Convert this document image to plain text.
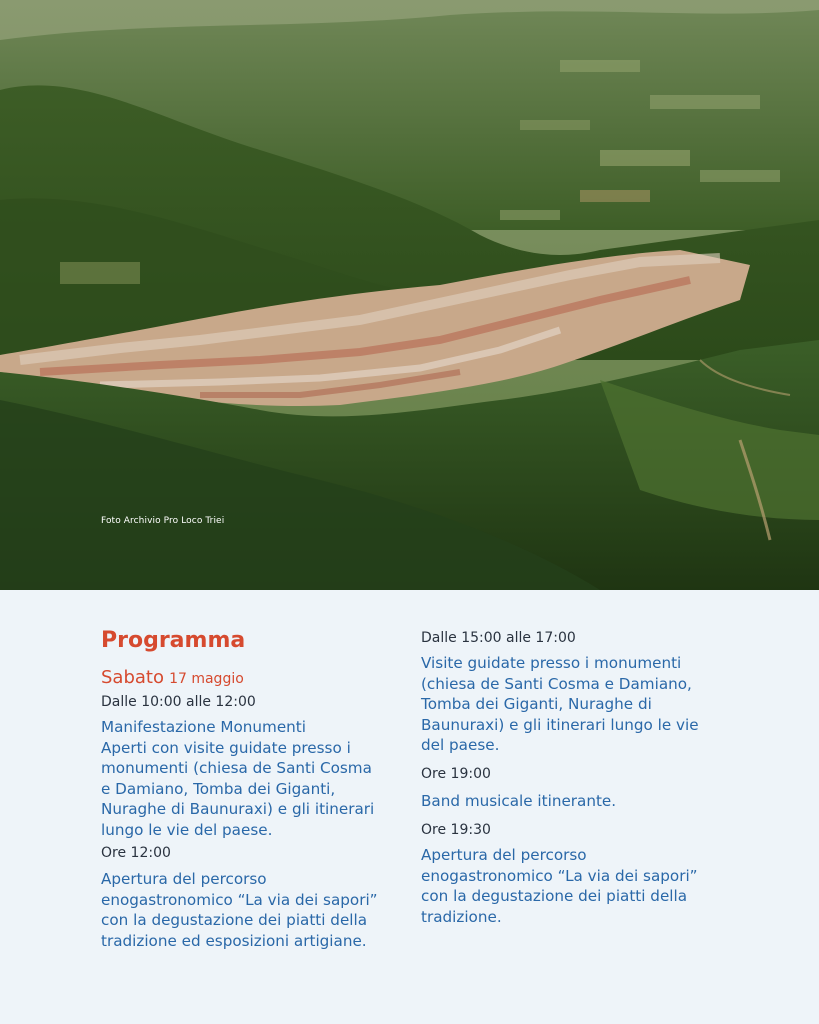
Foto Archivio Pro Loco Triei
Programma

Sabato 17 maggio

Dalle 10:00 alle 12:00

Manifestazione Monumenti
Aperti con visite guidate presso i
monumenti (chiesa de Santi Cosma
e Damiano, Tomba dei Giganti,
Nuraghe di Baunuraxi) e gli itinerari
lungo le vie del paese.

Ore 12:00

Apertura del percorso
enogastronomico “La via dei sapori”
con la degustazione dei piatti della
tradizione ed esposizioni artigiane.

Dalle 15:00 alle 17:00

Visite guidate presso i monumenti
(chiesa de Santi Cosma e Damiano,
Tomba dei Giganti, Nuraghe di
Baunuraxi) e gli itinerari lungo le vie
del paese.

Ore 19:00

Band musicale itinerante.

Ore 19:30

Apertura del percorso
enogastronomico “La via dei sapori”
con la degustazione dei piatti della
tradizione.
